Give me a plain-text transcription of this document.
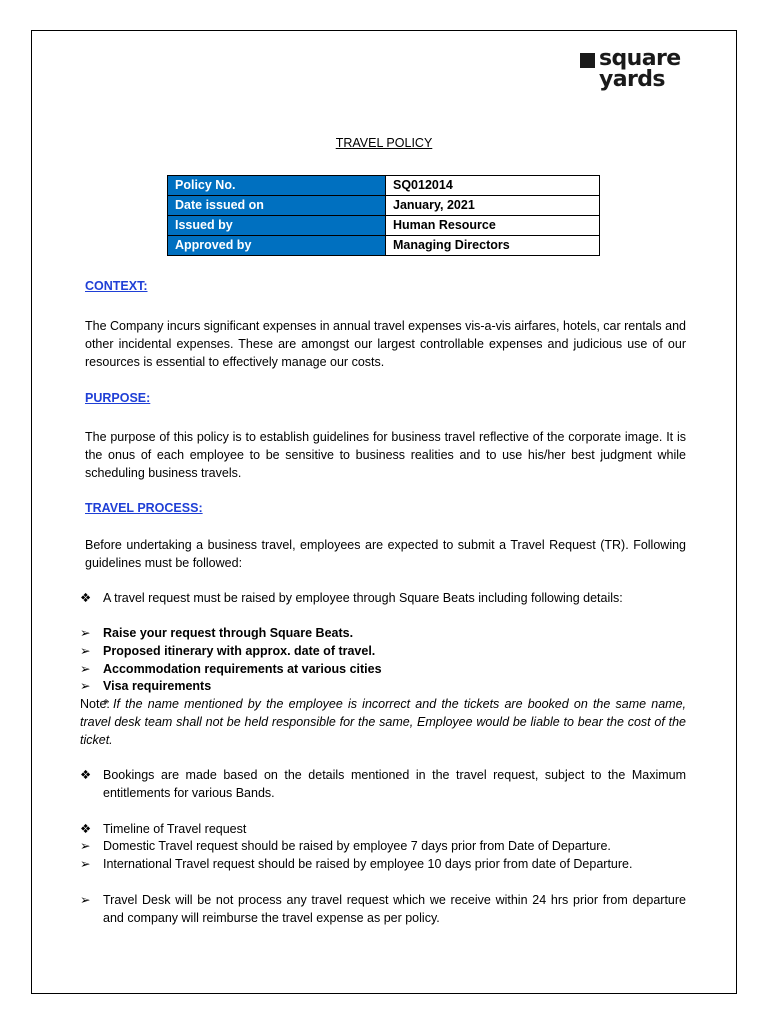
square
yards
TRAVEL POLICY
Policy No.	SQ012014
Date issued on	January, 2021
Issued by	Human Resource
Approved by	Managing Directors
CONTEXT:
The Company incurs significant expenses in annual travel expenses vis-a-vis airfares, hotels, car rentals and other incidental expenses. These are amongst our largest controllable expenses and judicious use of our resources is essential to effectively manage our costs.
PURPOSE:
The purpose of this policy is to establish guidelines for business travel reflective of the corporate image. It is the onus of each employee to be sensitive to business realities and to use his/her best judgment while scheduling business travels.
TRAVEL PROCESS:
Before undertaking a business travel, employees are expected to submit a Travel Request (TR). Following guidelines must be followed:
❖ A travel request must be raised by employee through Square Beats including following details:
➢	Raise your request through Square Beats.
➢	Proposed itinerary with approx. date of travel.
➢	Accommodation requirements at various cities
➢	Visa requirements
Note:
* If the name mentioned by the employee is incorrect and the tickets are booked on the same name, travel desk team shall not be held responsible for the same, Employee would be liable to bear the cost of the ticket.
❖ Bookings are made based on the details mentioned in the travel request, subject to the Maximum entitlements for various Bands.
❖ Timeline of Travel request
➢	Domestic Travel request should be raised by employee 7 days prior from Date of Departure.
➢	International Travel request should be raised by employee 10 days prior from date of Departure.
➢	Travel Desk will be not process any travel request which we receive within 24 hrs prior from departure and company will reimburse the travel expense as per policy.
